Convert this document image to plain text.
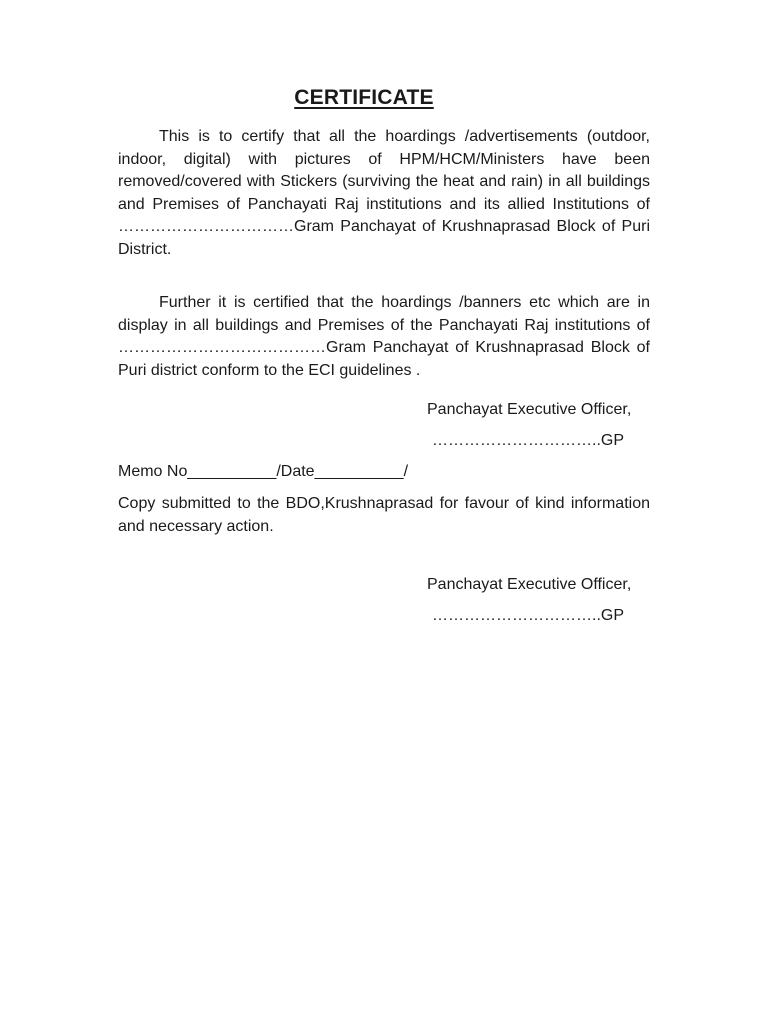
CERTIFICATE

This is to certify that all the hoardings /advertisements (outdoor, indoor, digital) with pictures of HPM/HCM/Ministers have been removed/covered with Stickers (surviving the heat and rain) in all buildings and Premises of Panchayati Raj institutions and its allied Institutions of ……………………………Gram Panchayat of Krushnaprasad Block of Puri District.

Further it is certified that the hoardings /banners etc which are in display in all buildings and Premises of the Panchayati Raj institutions of …………………………………Gram Panchayat of Krushnaprasad Block of Puri district conform to the ECI guidelines .

Panchayat Executive Officer,

…………………………..GP

Memo No__________/Date__________/

Copy submitted to the BDO,Krushnaprasad for favour of kind information and necessary action.

Panchayat Executive Officer,

…………………………..GP
